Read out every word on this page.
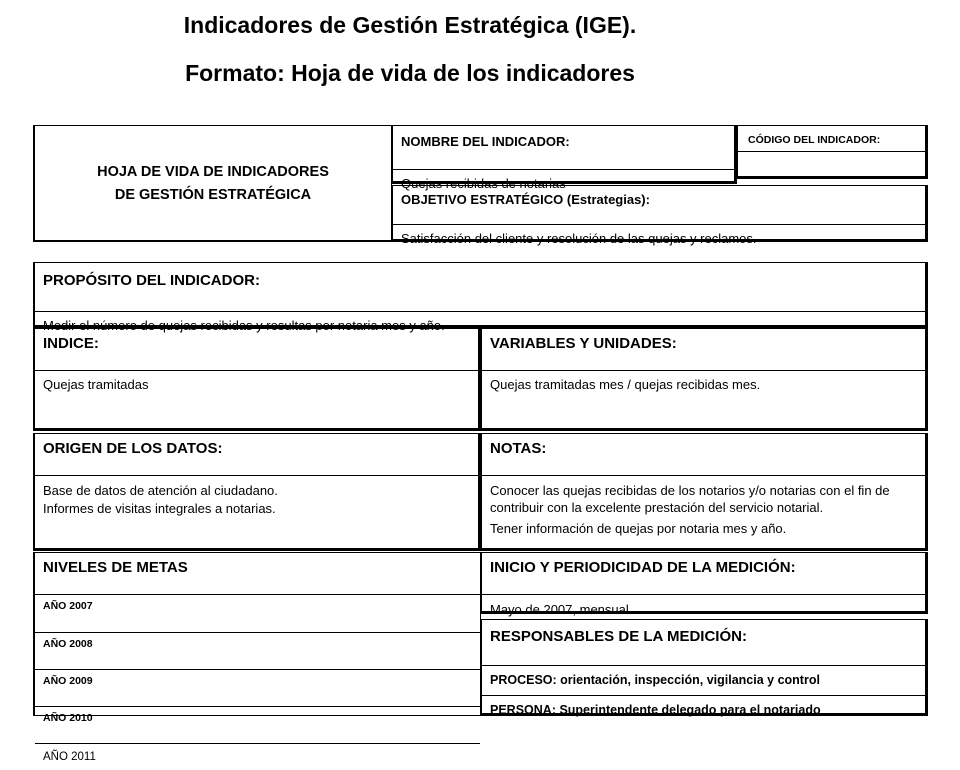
Indicadores de Gestión Estratégica (IGE).
Formato: Hoja de vida de los indicadores
HOJA DE VIDA DE INDICADORES
DE GESTIÓN ESTRATÉGICA
NOMBRE DEL INDICADOR:
Quejas recibidas de notarias
CÓDIGO DEL INDICADOR:
OBJETIVO ESTRATÉGICO (Estrategias):
Satisfacción del cliente y resolución de las quejas y reclamos.
PROPÓSITO DEL INDICADOR:
Medir el número de quejas recibidas y resultas por notaria mes y año.
INDICE:
Quejas tramitadas
VARIABLES Y UNIDADES:
Quejas tramitadas mes / quejas recibidas mes.
ORIGEN DE LOS DATOS:
Base de datos de atención al ciudadano.
Informes de visitas integrales a notarias.
NOTAS:
Conocer las quejas recibidas de los notarios y/o notarias con el fin de contribuir con la excelente prestación del servicio notarial.
Tener información de quejas por notaria mes y año.
NIVELES DE METAS
AÑO 2007
AÑO 2008
AÑO 2009
AÑO 2010
AÑO 2011
INICIO Y PERIODICIDAD DE LA MEDICIÓN:
Mayo de 2007, mensual
RESPONSABLES DE LA MEDICIÓN:
PROCESO: orientación, inspección, vigilancia y control
PERSONA: Superintendente delegado para el notariado
